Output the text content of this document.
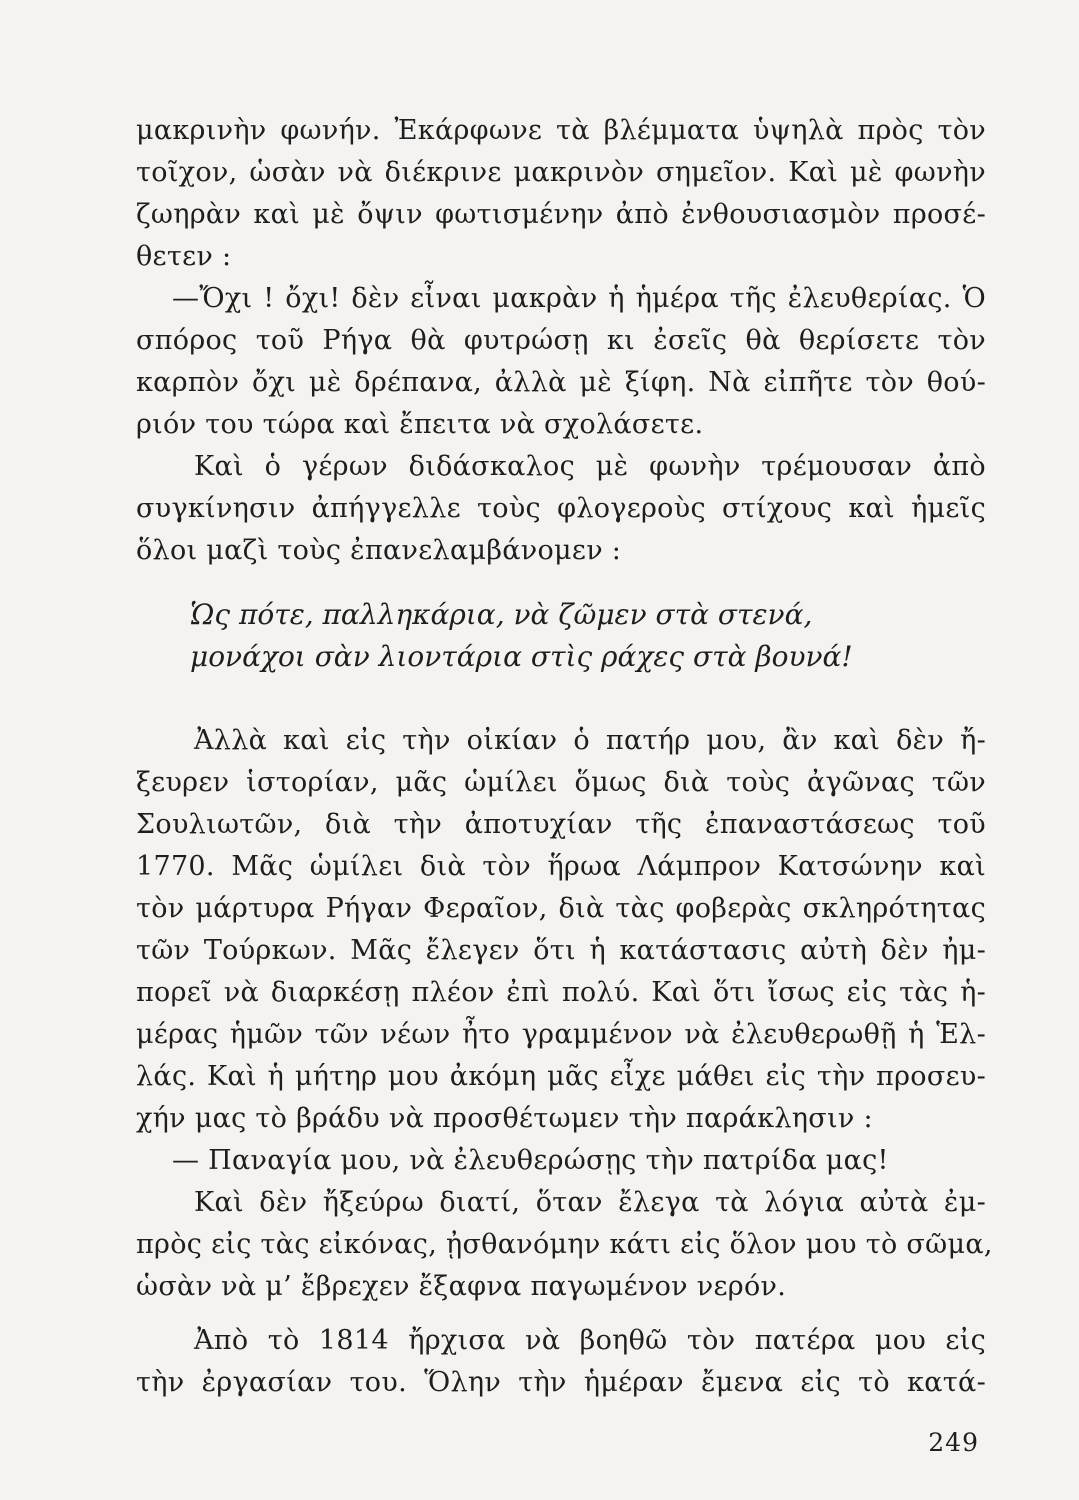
μακρινὴν φωνήν. Ἐκάρφωνε τὰ βλέμματα ὑψηλὰ πρὸς τὸν
τοῖχον, ὡσὰν νὰ διέκρινε μακρινὸν σημεῖον. Καὶ μὲ φωνὴν
ζωηρὰν καὶ μὲ ὄψιν φωτισμένην ἀπὸ ἐνθουσιασμὸν προσέ-
θετεν :
—Ὄχι ! ὄχι! δὲν εἶναι μακρὰν ἡ ἡμέρα τῆς ἐλευθερίας. Ὁ
σπόρος τοῦ Ρήγα θὰ φυτρώσῃ κι ἐσεῖς θὰ θερίσετε τὸν
καρπὸν ὄχι μὲ δρέπανα, ἀλλὰ μὲ ξίφη. Νὰ εἰπῆτε τὸν θού-
ριόν του τώρα καὶ ἔπειτα νὰ σχολάσετε.
Καὶ ὁ γέρων διδάσκαλος μὲ φωνὴν τρέμουσαν ἀπὸ
συγκίνησιν ἀπήγγελλε τοὺς φλογεροὺς στίχους καὶ ἡμεῖς
ὅλοι μαζὶ τοὺς ἐπανελαμβάνομεν :
Ὡς πότε, παλληκάρια, νὰ ζῶμεν στὰ στενά,
μονάχοι σὰν λιοντάρια στὶς ράχες στὰ βουνά!
Ἀλλὰ καὶ εἰς τὴν οἰκίαν ὁ πατήρ μου, ἂν καὶ δὲν ἤ-
ξευρεν ἱστορίαν, μᾶς ὡμίλει ὅμως διὰ τοὺς ἀγῶνας τῶν
Σουλιωτῶν, διὰ τὴν ἀποτυχίαν τῆς ἐπαναστάσεως τοῦ
1770. Μᾶς ὡμίλει διὰ τὸν ἥρωα Λάμπρον Κατσώνην καὶ
τὸν μάρτυρα Ρήγαν Φεραῖον, διὰ τὰς φοβερὰς σκληρότητας
τῶν Τούρκων. Μᾶς ἔλεγεν ὅτι ἡ κατάστασις αὐτὴ δὲν ἠμ-
πορεῖ νὰ διαρκέσῃ πλέον ἐπὶ πολύ. Καὶ ὅτι ἴσως εἰς τὰς ἡ-
μέρας ἡμῶν τῶν νέων ἦτο γραμμένον νὰ ἐλευθερωθῇ ἡ Ἑλ-
λάς. Καὶ ἡ μήτηρ μου ἀκόμη μᾶς εἶχε μάθει εἰς τὴν προσευ-
χήν μας τὸ βράδυ νὰ προσθέτωμεν τὴν παράκλησιν :
— Παναγία μου, νὰ ἐλευθερώσῃς τὴν πατρίδα μας!
Καὶ δὲν ἤξεύρω διατί, ὅταν ἔλεγα τὰ λόγια αὐτὰ ἐμ-
πρὸς εἰς τὰς εἰκόνας, ᾐσθανόμην κάτι εἰς ὅλον μου τὸ σῶμα,
ὡσὰν νὰ μ’ ἔβρεχεν ἔξαφνα παγωμένον νερόν.
Ἀπὸ τὸ 1814 ἤρχισα νὰ βοηθῶ τὸν πατέρα μου εἰς
τὴν ἐργασίαν του. Ὅλην τὴν ἡμέραν ἔμενα εἰς τὸ κατά-
249
